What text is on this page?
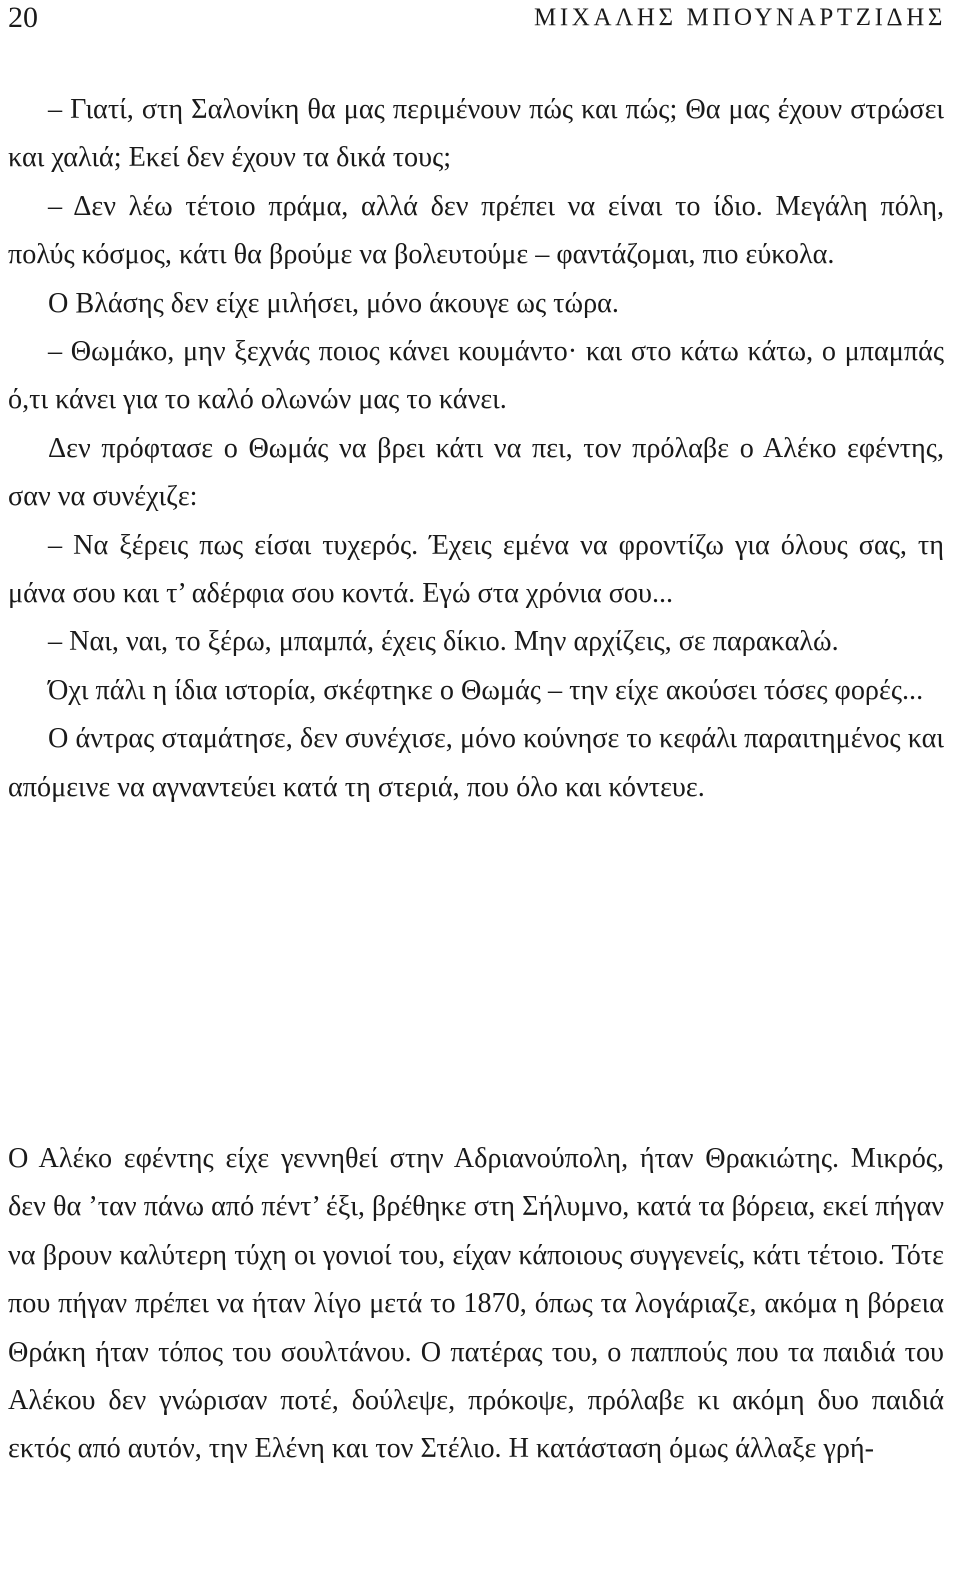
20	ΜΙΧΑΛΗΣ ΜΠΟΥΝΑΡΤΖΙΔΗΣ

– Γιατί, στη Σαλονίκη θα μας περιμένουν πώς και πώς; Θα μας έχουν στρώσει και χαλιά; Εκεί δεν έχουν τα δικά τους;

– Δεν λέω τέτοιο πράμα, αλλά δεν πρέπει να είναι το ίδιο. Μεγάλη πόλη, πολύς κόσμος, κάτι θα βρούμε να βολευτούμε – φαντάζομαι, πιο εύκολα.

Ο Βλάσης δεν είχε μιλήσει, μόνο άκουγε ως τώρα.

– Θωμάκο, μην ξεχνάς ποιος κάνει κουμάντο· και στο κάτω κάτω, ο μπαμπάς ό,τι κάνει για το καλό ολωνών μας το κάνει.

Δεν πρόφτασε ο Θωμάς να βρει κάτι να πει, τον πρόλαβε ο Αλέκο εφέντης, σαν να συνέχιζε:

– Να ξέρεις πως είσαι τυχερός. Έχεις εμένα να φροντίζω για όλους σας, τη μάνα σου και τ’ αδέρφια σου κοντά. Εγώ στα χρόνια σου...

– Ναι, ναι, το ξέρω, μπαμπά, έχεις δίκιο. Μην αρχίζεις, σε παρακαλώ.

Όχι πάλι η ίδια ιστορία, σκέφτηκε ο Θωμάς – την είχε ακούσει τόσες φορές...

Ο άντρας σταμάτησε, δεν συνέχισε, μόνο κούνησε το κεφάλι παραιτημένος και απόμεινε να αγναντεύει κατά τη στεριά, που όλο και κόντευε.

Ο Αλέκο εφέντης είχε γεννηθεί στην Αδριανούπολη, ήταν Θρακιώτης. Μικρός, δεν θα ’ταν πάνω από πέντ’ έξι, βρέθηκε στη Σήλυμνο, κατά τα βόρεια, εκεί πήγαν να βρουν καλύτερη τύχη οι γονιοί του, είχαν κάποιους συγγενείς, κάτι τέτοιο. Τότε που πήγαν πρέπει να ήταν λίγο μετά το 1870, όπως τα λογάριαζε, ακόμα η βόρεια Θράκη ήταν τόπος του σουλτάνου. Ο πατέρας του, ο παππούς που τα παιδιά του Αλέκου δεν γνώρισαν ποτέ, δούλεψε, πρόκοψε, πρόλαβε κι ακόμη δυο παιδιά εκτός από αυτόν, την Ελένη και τον Στέλιο. Η κατάσταση όμως άλλαξε γρή-
